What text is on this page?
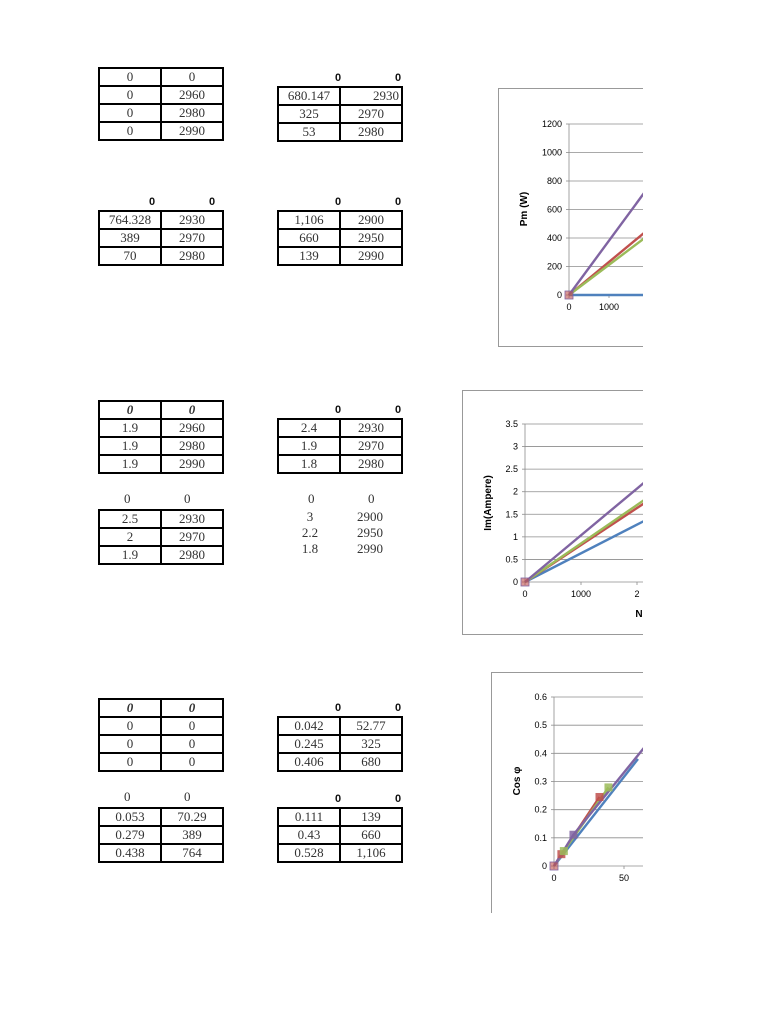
0	0
0	2960
0	2980
0	2990
0	0
680.147	2930
325	2970
53	2980
0	0
764.328	2930
389	2970
70	2980
0	0
1,106	2900
660	2950
139	2990
0	0
1.9	2960
1.9	2980
1.9	2990
0	0
2.4	2930
1.9	2970
1.8	2980
0	0
2.5	2930
2	2970
1.9	2980
0	0
3	2900
2.2	2950
1.8	2990
0	0
0	0
0	0
0	0
0	0
0.042	52.77
0.245	325
0.406	680
0	0
0.053	70.29
0.279	389
0.438	764
0	0
0.111	139
0.43	660
0.528	1,106
0
200
400
600
800
1000
1200
0	1000
Pm (W)
0
0.5
1
1.5
2
2.5
3
3.5
0	1000	2
Im(Ampere)
N
0
0.1
0.2
0.3
0.4
0.5
0.6
0	50
Cos φ
